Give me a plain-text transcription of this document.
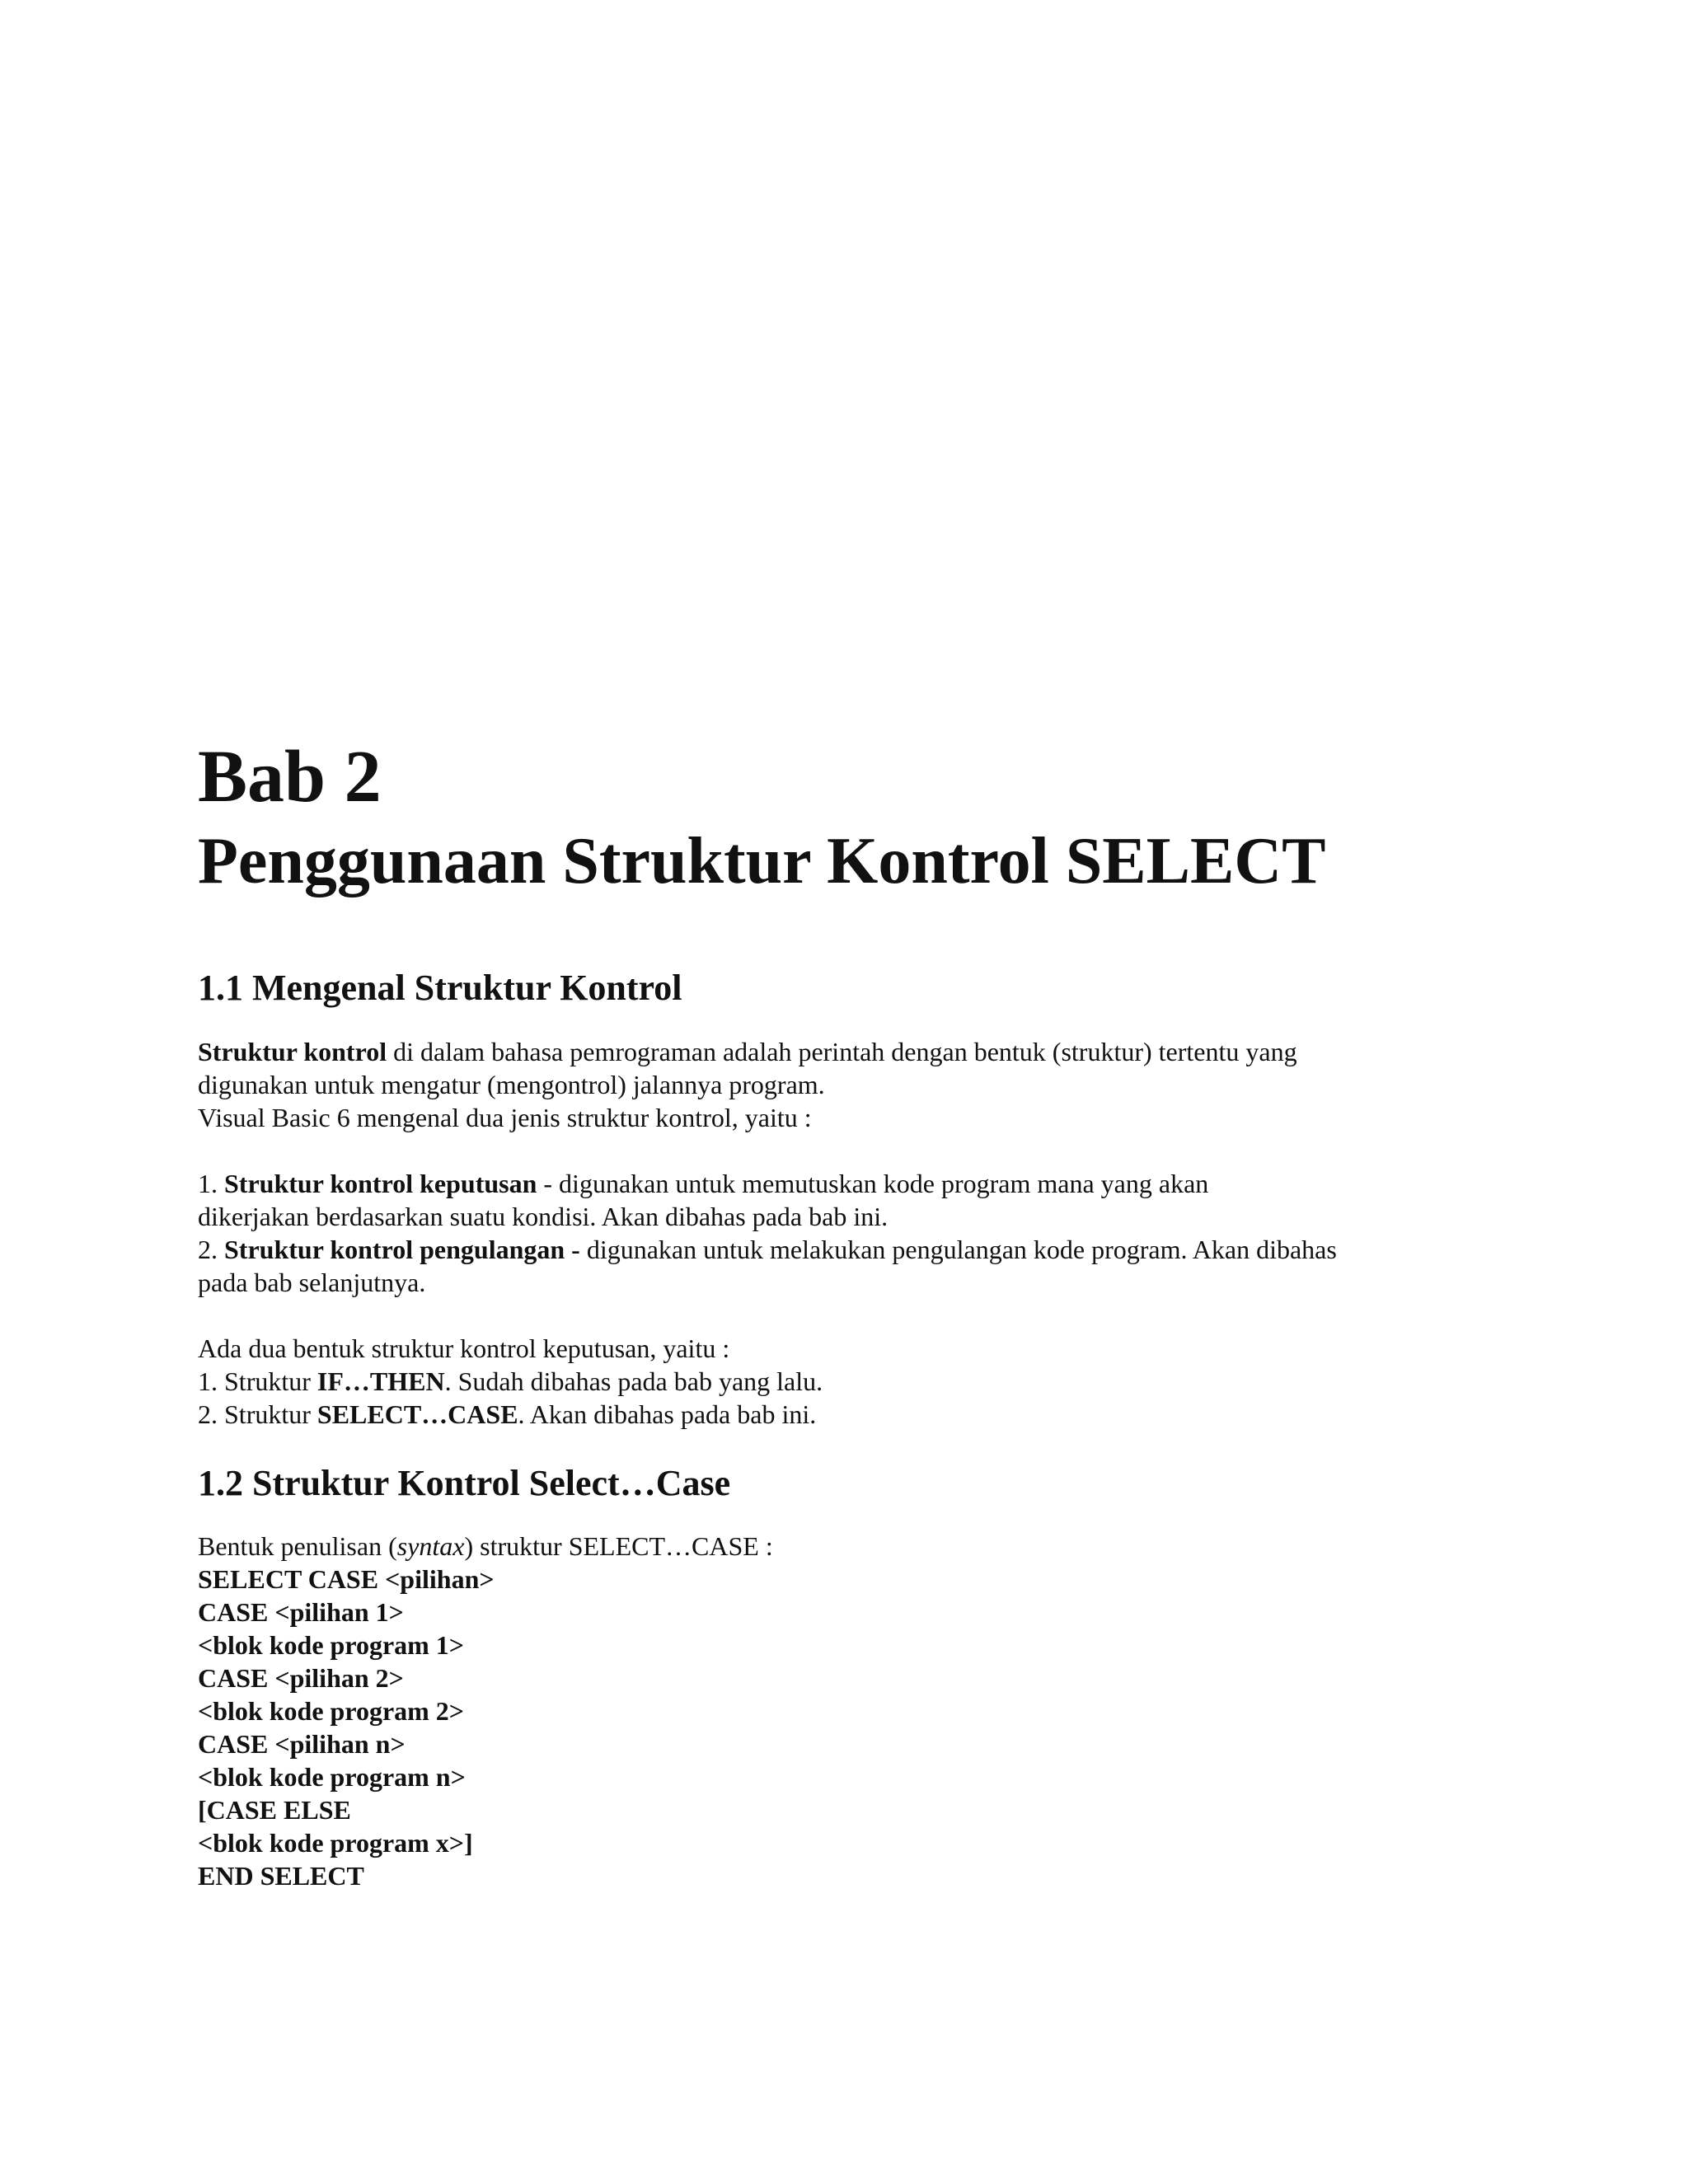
Bab 2
Penggunaan Struktur Kontrol SELECT
1.1 Mengenal Struktur Kontrol
Struktur kontrol di dalam bahasa pemrograman adalah perintah dengan bentuk (struktur) tertentu yang
digunakan untuk mengatur (mengontrol) jalannya program.
Visual Basic 6 mengenal dua jenis struktur kontrol, yaitu :
1. Struktur kontrol keputusan - digunakan untuk memutuskan kode program mana yang akan
dikerjakan berdasarkan suatu kondisi. Akan dibahas pada bab ini.
2. Struktur kontrol pengulangan - digunakan untuk melakukan pengulangan kode program. Akan dibahas
pada bab selanjutnya.
Ada dua bentuk struktur kontrol keputusan, yaitu :
1. Struktur IF…THEN. Sudah dibahas pada bab yang lalu.
2. Struktur SELECT…CASE. Akan dibahas pada bab ini.
1.2 Struktur Kontrol Select…Case
Bentuk penulisan (syntax) struktur SELECT…CASE :
SELECT CASE <pilihan>
CASE <pilihan 1>
<blok kode program 1>
CASE <pilihan 2>
<blok kode program 2>
CASE <pilihan n>
<blok kode program n>
[CASE ELSE
<blok kode program x>]
END SELECT
